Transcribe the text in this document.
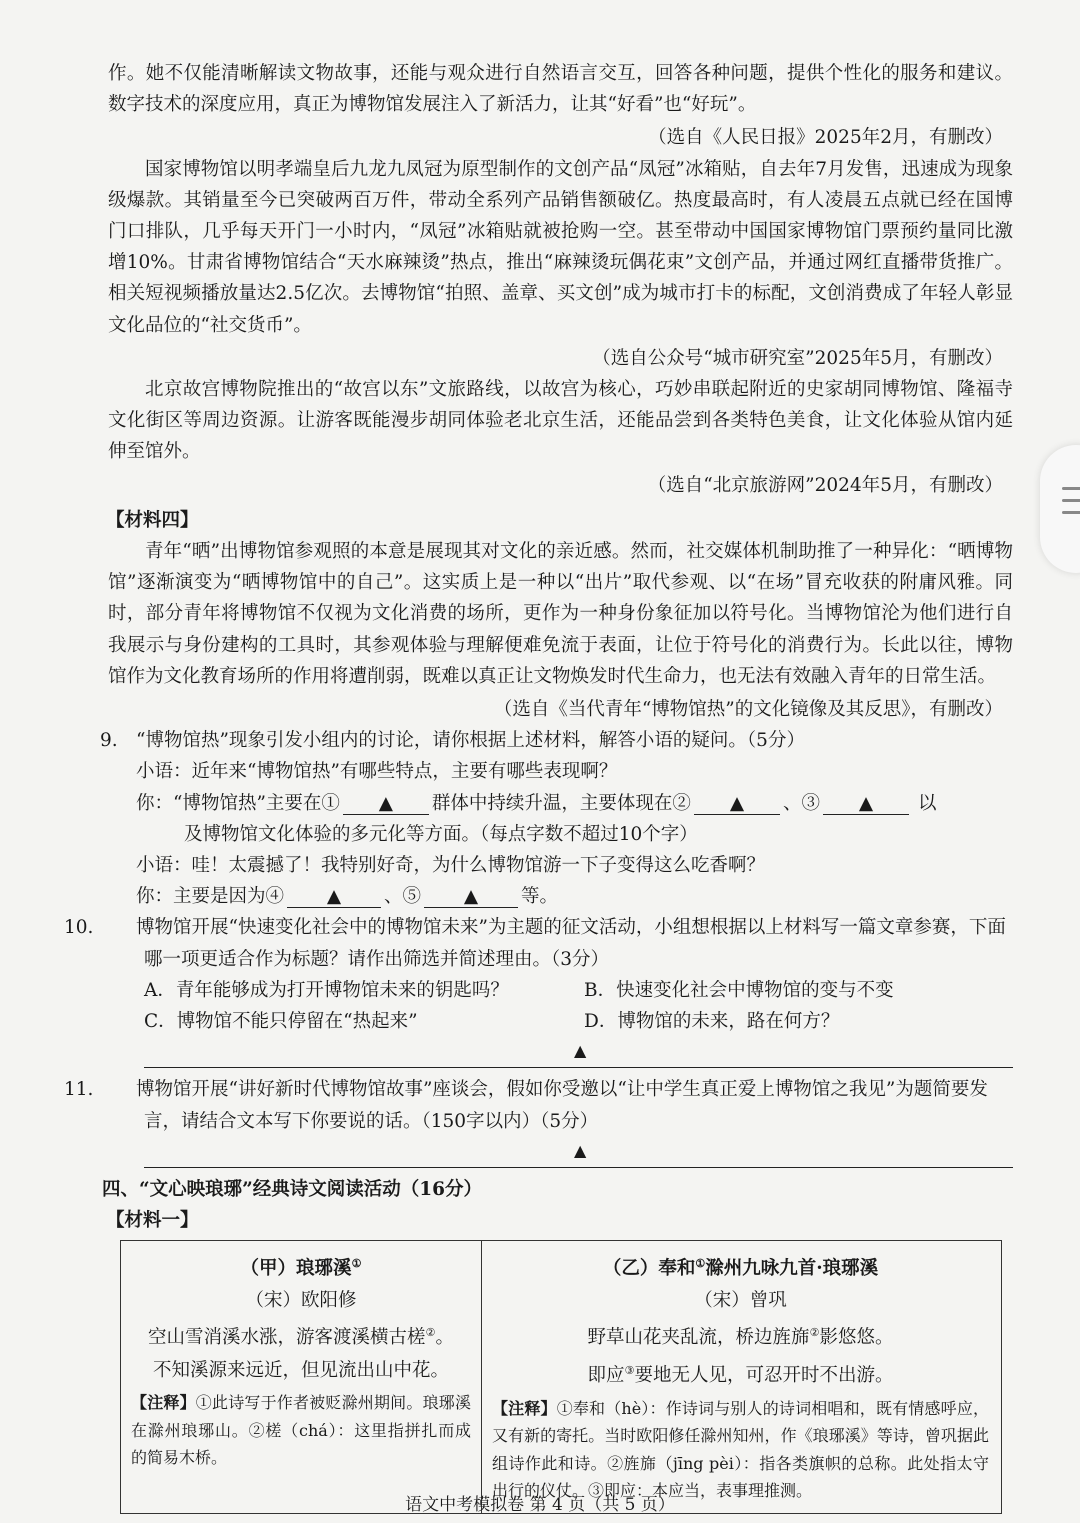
作。她不仅能清晰解读文物故事，还能与观众进行自然语言交互，回答各种问题，提供个性化的服务和建议。数字技术的深度应用，真正为博物馆发展注入了新活力，让其“好看”也“好玩”。

（选自《人民日报》2025年2月，有删改）

国家博物馆以明孝端皇后九龙九凤冠为原型制作的文创产品“凤冠”冰箱贴，自去年7月发售，迅速成为现象级爆款。其销量至今已突破两百万件，带动全系列产品销售额破亿。热度最高时，有人凌晨五点就已经在国博门口排队，几乎每天开门一小时内，“凤冠”冰箱贴就被抢购一空。甚至带动中国国家博物馆门票预约量同比激增10%。甘肃省博物馆结合“天水麻辣烫”热点，推出“麻辣烫玩偶花束”文创产品，并通过网红直播带货推广。相关短视频播放量达2.5亿次。去博物馆“拍照、盖章、买文创”成为城市打卡的标配，文创消费成了年轻人彰显文化品位的“社交货币”。

（选自公众号“城市研究室”2025年5月，有删改）

北京故宫博物院推出的“故宫以东”文旅路线，以故宫为核心，巧妙串联起附近的史家胡同博物馆、隆福寺文化街区等周边资源。让游客既能漫步胡同体验老北京生活，还能品尝到各类特色美食，让文化体验从馆内延伸至馆外。

（选自“北京旅游网”2024年5月，有删改）

【材料四】

青年“晒”出博物馆参观照的本意是展现其对文化的亲近感。然而，社交媒体机制助推了一种异化：“晒博物馆”逐渐演变为“晒博物馆中的自己”。这实质上是一种以“出片”取代参观、以“在场”冒充收获的附庸风雅。同时，部分青年将博物馆不仅视为文化消费的场所，更作为一种身份象征加以符号化。当博物馆沦为他们进行自我展示与身份建构的工具时，其参观体验与理解便难免流于表面，让位于符号化的消费行为。长此以往，博物馆作为文化教育场所的作用将遭削弱，既难以真正让文物焕发时代生命力，也无法有效融入青年的日常生活。

（选自《当代青年“博物馆热”的文化镜像及其反思》，有删改）

9. “博物馆热”现象引发小组内的讨论，请你根据上述材料，解答小语的疑问。（5分）

小语：近年来“博物馆热”有哪些特点，主要有哪些表现啊？

你：“博物馆热”主要在① ▲ 群体中持续升温，主要体现在② ▲ 、③ ▲ 以

及博物馆文化体验的多元化等方面。（每点字数不超过10个字）

小语：哇！太震撼了！我特别好奇，为什么博物馆游一下子变得这么吃香啊？

你：主要是因为④ ▲ 、⑤ ▲ 等。

10. 博物馆开展“快速变化社会中的博物馆未来”为主题的征文活动，小组想根据以上材料写一篇文章参赛，下面哪一项更适合作为标题？请作出筛选并简述理由。（3分）

A．青年能够成为打开博物馆未来的钥匙吗？	B．快速变化社会中博物馆的变与不变
C．博物馆不能只停留在“热起来”	D．博物馆的未来，路在何方？
▲

11. 博物馆开展“讲好新时代博物馆故事”座谈会，假如你受邀以“让中学生真正爱上博物馆之我见”为题简要发言，请结合文本写下你要说的话。（150字以内）（5分）

▲

四、“文心映琅琊”经典诗文阅读活动（16分）

【材料一】

（甲）琅琊溪①
（宋）欧阳修
空山雪消溪水涨，游客渡溪横古槎②。
不知溪源来远近，但见流出山中花。
【注释】①此诗写于作者被贬滁州期间。琅琊溪在滁州琅琊山。②槎（chá）：这里指拼扎而成的简易木桥。
（乙）奉和①滁州九咏九首·琅琊溪
（宋）曾巩
野草山花夹乱流，桥边旌旆②影悠悠。
即应③要地无人见，可忍开时不出游。
【注释】①奉和（hè）：作诗词与别人的诗词相唱和，既有情感呼应，又有新的寄托。当时欧阳修任滁州知州，作《琅琊溪》等诗，曾巩据此组诗作此和诗。②旌旆（jīng pèi）：指各类旗帜的总称。此处指太守出行的仪仗。③即应：本应当，表事理推测。
语文中考模拟卷 第 4 页（共 5 页）
